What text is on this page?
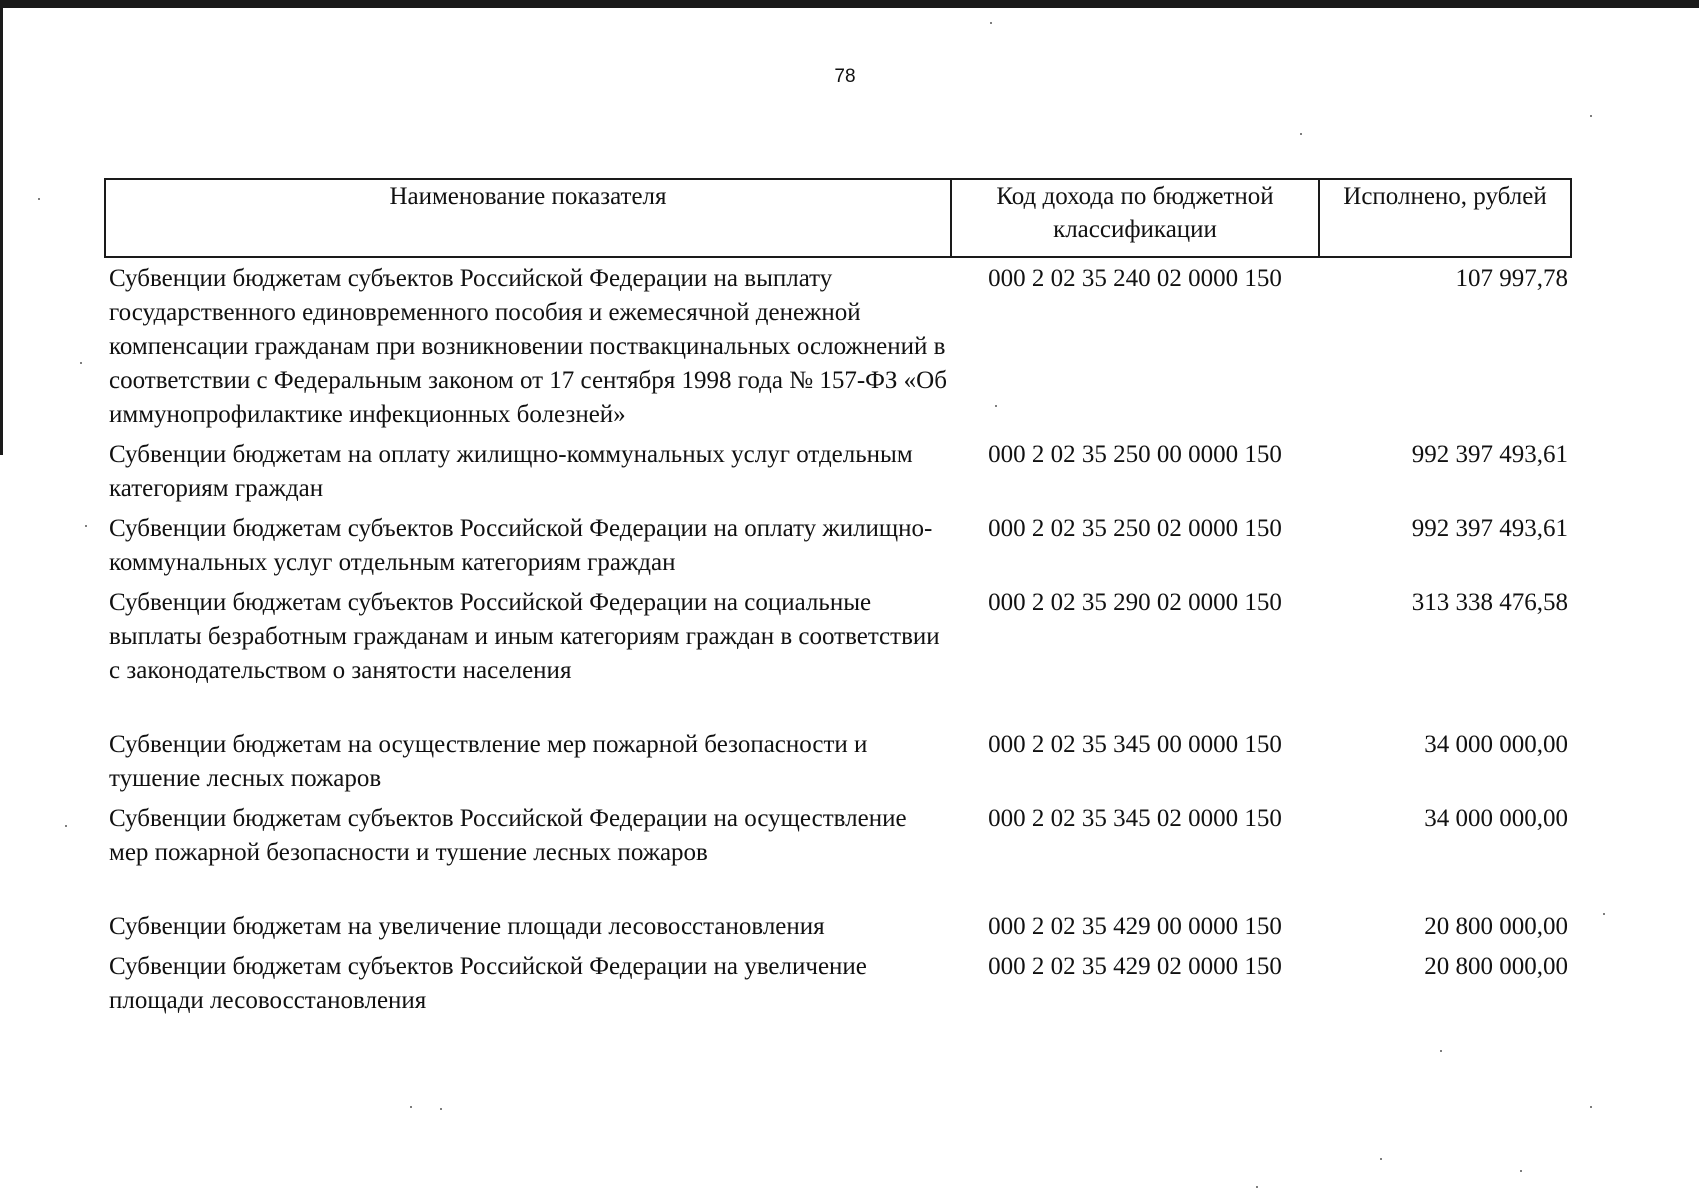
78
Наименование показателя	Код дохода по бюджетной классификации	Исполнено, рублей
Субвенции бюджетам субъектов Российской Федерации на выплату государственного единовременного пособия и ежемесячной денежной компенсации гражданам при возникновении поствакцинальных осложнений в соответствии с Федеральным законом от 17 сентября 1998 года № 157-ФЗ «Об иммунопрофилактике инфекционных болезней»	000 2 02 35 240 02 0000 150	107 997,78
Субвенции бюджетам на оплату жилищно-коммунальных услуг отдельным категориям граждан	000 2 02 35 250 00 0000 150	992 397 493,61
Субвенции бюджетам субъектов Российской Федерации на оплату жилищно-коммунальных услуг отдельным категориям граждан	000 2 02 35 250 02 0000 150	992 397 493,61
Субвенции бюджетам субъектов Российской Федерации на социальные выплаты безработным гражданам и иным категориям граждан в соответствии с законодательством о занятости населения	000 2 02 35 290 02 0000 150	313 338 476,58
Субвенции бюджетам на осуществление мер пожарной безопасности и тушение лесных пожаров	000 2 02 35 345 00 0000 150	34 000 000,00
Субвенции бюджетам субъектов Российской Федерации на осуществление мер пожарной безопасности и тушение лесных пожаров	000 2 02 35 345 02 0000 150	34 000 000,00
Субвенции бюджетам на увеличение площади лесовосстановления	000 2 02 35 429 00 0000 150	20 800 000,00
Субвенции бюджетам субъектов Российской Федерации на увеличение площади лесовосстановления	000 2 02 35 429 02 0000 150	20 800 000,00
